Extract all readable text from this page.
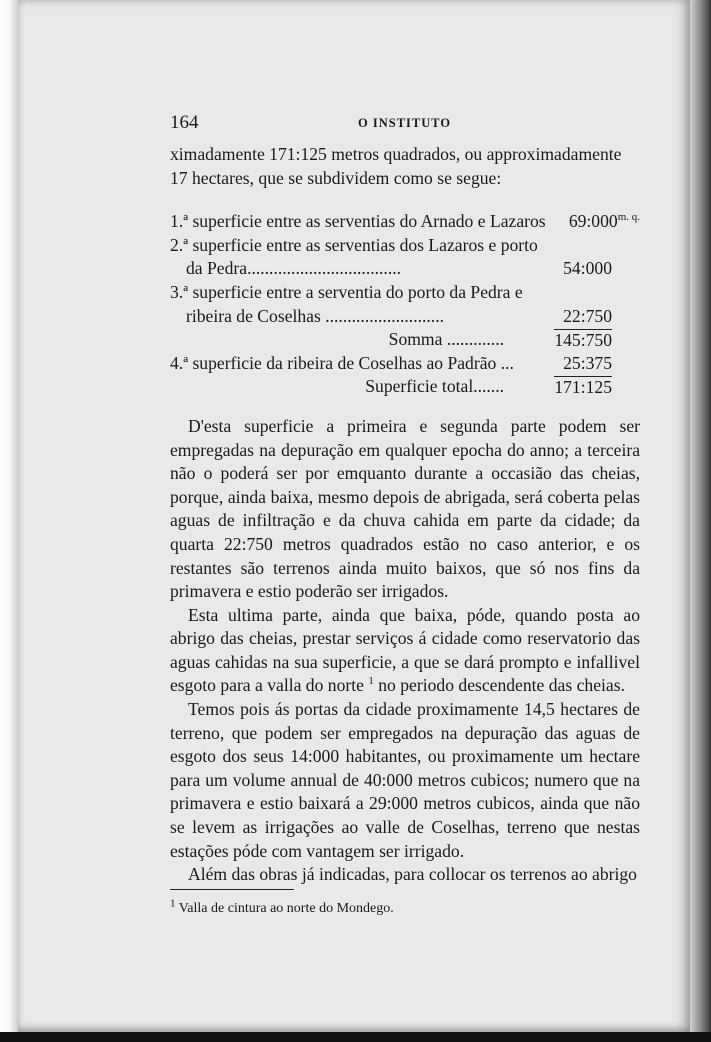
164	O INSTITUTO

ximadamente 171:125 metros quadrados, ou approximadamente
17 hectares, que se subdividem como se segue:

1.ª superficie entre as serventias do Arnado e Lazaros $69:000^{m. q.}$
2.ª superficie entre as serventias dos Lazaros e porto
da Pedra...................................	54:000
3.ª superficie entre a serventia do porto da Pedra e
ribeira de Coselhas ...........................	22:750
Somma .............	145:750
4.ª superficie da ribeira de Coselhas ao Padrão ...	25:375
Superficie total.......	171:125

D'esta superficie a primeira e segunda parte podem ser empregadas na depuração em qualquer epocha do anno; a terceira não o poderá ser por emquanto durante a occasião das cheias, porque, ainda baixa, mesmo depois de abrigada, será coberta pelas aguas de infiltração e da chuva cahida em parte da cidade; da quarta 22:750 metros quadrados estão no caso anterior, e os restantes são terrenos ainda muito baixos, que só nos fins da primavera e estio poderão ser irrigados.

Esta ultima parte, ainda que baixa, póde, quando posta ao abrigo das cheias, prestar serviços á cidade como reservatorio das aguas cahidas na sua superficie, a que se dará prompto e infallivel esgoto para a valla do norte $^1$ no periodo descendente das cheias.

Temos pois ás portas da cidade proximamente 14,5 hectares de terreno, que podem ser empregados na depuração das aguas de esgoto dos seus 14:000 habitantes, ou proximamente um hectare para um volume annual de 40:000 metros cubicos; numero que na primavera e estio baixará a 29:000 metros cubicos, ainda que não se levem as irrigações ao valle de Coselhas, terreno que nestas estações póde com vantagem ser irrigado.

Além das obras já indicadas, para collocar os terrenos ao abrigo

$^1$ Valla de cintura ao norte do Mondego.
